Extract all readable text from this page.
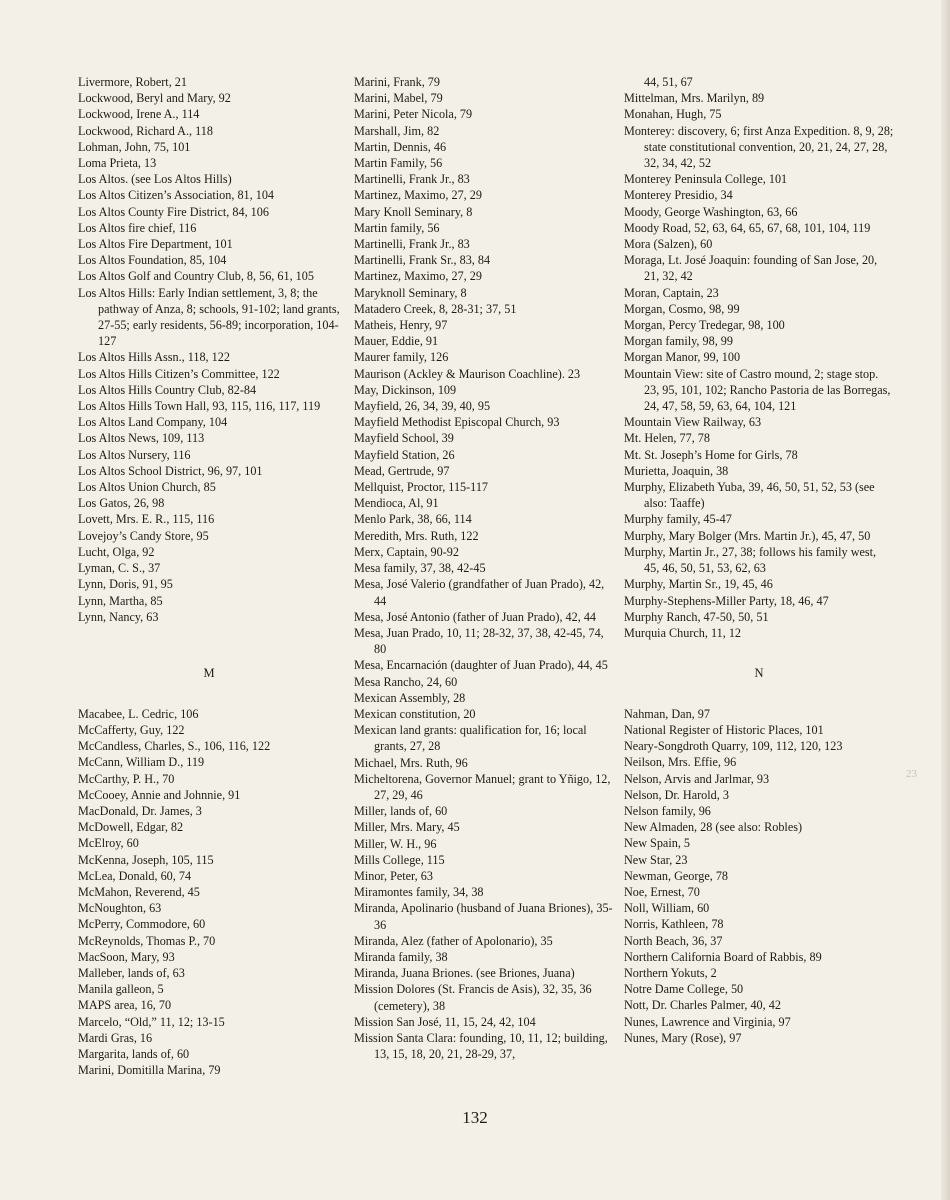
Livermore, Robert, 21
Lockwood, Beryl and Mary, 92
Lockwood, Irene A., 114
Lockwood, Richard A., 118
Lohman, John, 75, 101
Loma Prieta, 13
Los Altos. (see Los Altos Hills)
Los Altos Citizen’s Association, 81, 104
Los Altos County Fire District, 84, 106
Los Altos fire chief, 116
Los Altos Fire Department, 101
Los Altos Foundation, 85, 104
Los Altos Golf and Country Club, 8, 56, 61, 105
Los Altos Hills: Early Indian settlement, 3, 8; the pathway of Anza, 8; schools, 91-102; land grants, 27-55; early residents, 56-89; incorporation, 104-127
Los Altos Hills Assn., 118, 122
Los Altos Hills Citizen’s Committee, 122
Los Altos Hills Country Club, 82-84
Los Altos Hills Town Hall, 93, 115, 116, 117, 119
Los Altos Land Company, 104
Los Altos News, 109, 113
Los Altos Nursery, 116
Los Altos School District, 96, 97, 101
Los Altos Union Church, 85
Los Gatos, 26, 98
Lovett, Mrs. E. R., 115, 116
Lovejoy’s Candy Store, 95
Lucht, Olga, 92
Lyman, C. S., 37
Lynn, Doris, 91, 95
Lynn, Martha, 85
Lynn, Nancy, 63
M
Macabee, L. Cedric, 106
McCafferty, Guy, 122
McCandless, Charles, S., 106, 116, 122
McCann, William D., 119
McCarthy, P. H., 70
McCooey, Annie and Johnnie, 91
MacDonald, Dr. James, 3
McDowell, Edgar, 82
McElroy, 60
McKenna, Joseph, 105, 115
McLea, Donald, 60, 74
McMahon, Reverend, 45
McNoughton, 63
McPerry, Commodore, 60
McReynolds, Thomas P., 70
MacSoon, Mary, 93
Malleber, lands of, 63
Manila galleon, 5
MAPS area, 16, 70
Marcelo, “Old,” 11, 12; 13-15
Mardi Gras, 16
Margarita, lands of, 60
Marini, Domitilla Marina, 79
Marini, Frank, 79
Marini, Mabel, 79
Marini, Peter Nicola, 79
Marshall, Jim, 82
Martin, Dennis, 46
Martin Family, 56
Martinelli, Frank Jr., 83
Martinez, Maximo, 27, 29
Mary Knoll Seminary, 8
Martin family, 56
Martinelli, Frank Jr., 83
Martinelli, Frank Sr., 83, 84
Martinez, Maximo, 27, 29
Maryknoll Seminary, 8
Matadero Creek, 8, 28-31; 37, 51
Matheis, Henry, 97
Mauer, Eddie, 91
Maurer family, 126
Maurison (Ackley & Maurison Coachline). 23
May, Dickinson, 109
Mayfield, 26, 34, 39, 40, 95
Mayfield Methodist Episcopal Church, 93
Mayfield School, 39
Mayfield Station, 26
Mead, Gertrude, 97
Mellquist, Proctor, 115-117
Mendioca, Al, 91
Menlo Park, 38, 66, 114
Meredith, Mrs. Ruth, 122
Merx, Captain, 90-92
Mesa family, 37, 38, 42-45
Mesa, José Valerio (grandfather of Juan Prado), 42, 44
Mesa, José Antonio (father of Juan Prado), 42, 44
Mesa, Juan Prado, 10, 11; 28-32, 37, 38, 42-45, 74, 80
Mesa, Encarnación (daughter of Juan Prado), 44, 45
Mesa Rancho, 24, 60
Mexican Assembly, 28
Mexican constitution, 20
Mexican land grants: qualification for, 16; local grants, 27, 28
Michael, Mrs. Ruth, 96
Micheltorena, Governor Manuel; grant to Yñigo, 12, 27, 29, 46
Miller, lands of, 60
Miller, Mrs. Mary, 45
Miller, W. H., 96
Mills College, 115
Minor, Peter, 63
Miramontes family, 34, 38
Miranda, Apolinario (husband of Juana Briones), 35-36
Miranda, Alez (father of Apolonario), 35
Miranda family, 38
Miranda, Juana Briones. (see Briones, Juana)
Mission Dolores (St. Francis de Asis), 32, 35, 36 (cemetery), 38
Mission San José, 11, 15, 24, 42, 104
Mission Santa Clara: founding, 10, 11, 12; building, 13, 15, 18, 20, 21, 28-29, 37,
44, 51, 67
Mittelman, Mrs. Marilyn, 89
Monahan, Hugh, 75
Monterey: discovery, 6; first Anza Expedition. 8, 9, 28; state constitutional convention, 20, 21, 24, 27, 28, 32, 34, 42, 52
Monterey Peninsula College, 101
Monterey Presidio, 34
Moody, George Washington, 63, 66
Moody Road, 52, 63, 64, 65, 67, 68, 101, 104, 119
Mora (Salzen), 60
Moraga, Lt. José Joaquin: founding of San Jose, 20, 21, 32, 42
Moran, Captain, 23
Morgan, Cosmo, 98, 99
Morgan, Percy Tredegar, 98, 100
Morgan family, 98, 99
Morgan Manor, 99, 100
Mountain View: site of Castro mound, 2; stage stop. 23, 95, 101, 102; Rancho Pastoria de las Borregas, 24, 47, 58, 59, 63, 64, 104, 121
Mountain View Railway, 63
Mt. Helen, 77, 78
Mt. St. Joseph’s Home for Girls, 78
Murietta, Joaquin, 38
Murphy, Elizabeth Yuba, 39, 46, 50, 51, 52, 53 (see also: Taaffe)
Murphy family, 45-47
Murphy, Mary Bolger (Mrs. Martin Jr.), 45, 47, 50
Murphy, Martin Jr., 27, 38; follows his family west, 45, 46, 50, 51, 53, 62, 63
Murphy, Martin Sr., 19, 45, 46
Murphy-Stephens-Miller Party, 18, 46, 47
Murphy Ranch, 47-50, 50, 51
Murquia Church, 11, 12
N
Nahman, Dan, 97
National Register of Historic Places, 101
Neary-Songdroth Quarry, 109, 112, 120, 123
Neilson, Mrs. Effie, 96
Nelson, Arvis and Jarlmar, 93
Nelson, Dr. Harold, 3
Nelson family, 96
New Almaden, 28 (see also: Robles)
New Spain, 5
New Star, 23
Newman, George, 78
Noe, Ernest, 70
Noll, William, 60
Norris, Kathleen, 78
North Beach, 36, 37
Northern California Board of Rabbis, 89
Northern Yokuts, 2
Notre Dame College, 50
Nott, Dr. Charles Palmer, 40, 42
Nunes, Lawrence and Virginia, 97
Nunes, Mary (Rose), 97
23
132
